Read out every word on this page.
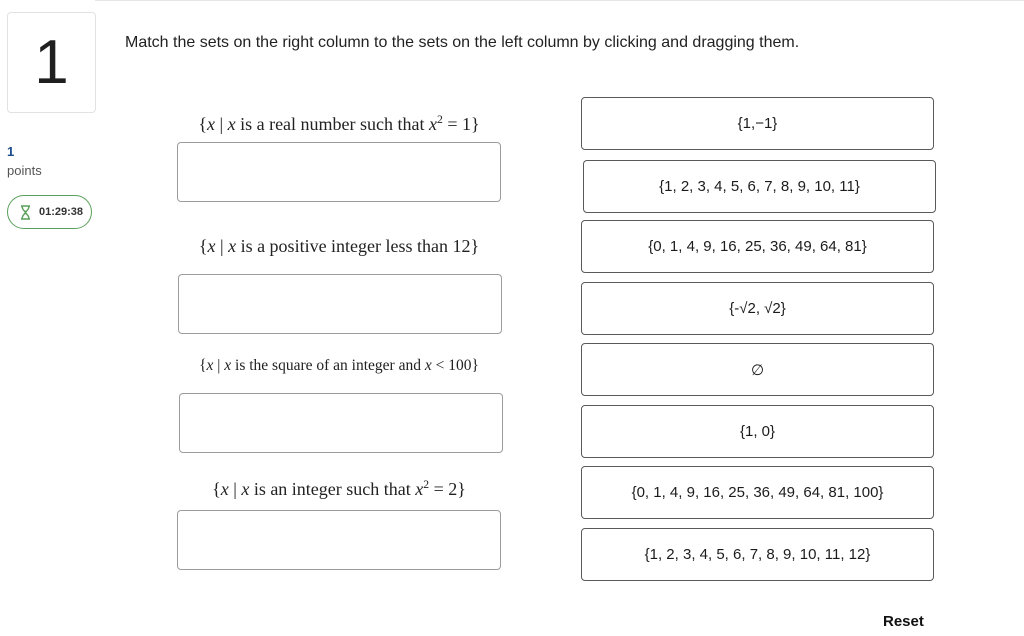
1
1
points
01:29:38
Match the sets on the right column to the sets on the left column by clicking and dragging them.
{x | x is a real number such that $x^2 = 1$}
{x | x is a positive integer less than 12}
{x | x is the square of an integer and x < 100}
{x | x is an integer such that $x^2 = 2$}
{1,−1}
{1, 2, 3, 4, 5, 6, 7, 8, 9, 10, 11}
{0, 1, 4, 9, 16, 25, 36, 49, 64, 81}
{-√2, √2}
∅
{1, 0}
{0, 1, 4, 9, 16, 25, 36, 49, 64, 81, 100}
{1, 2, 3, 4, 5, 6, 7, 8, 9, 10, 11, 12}
Reset
